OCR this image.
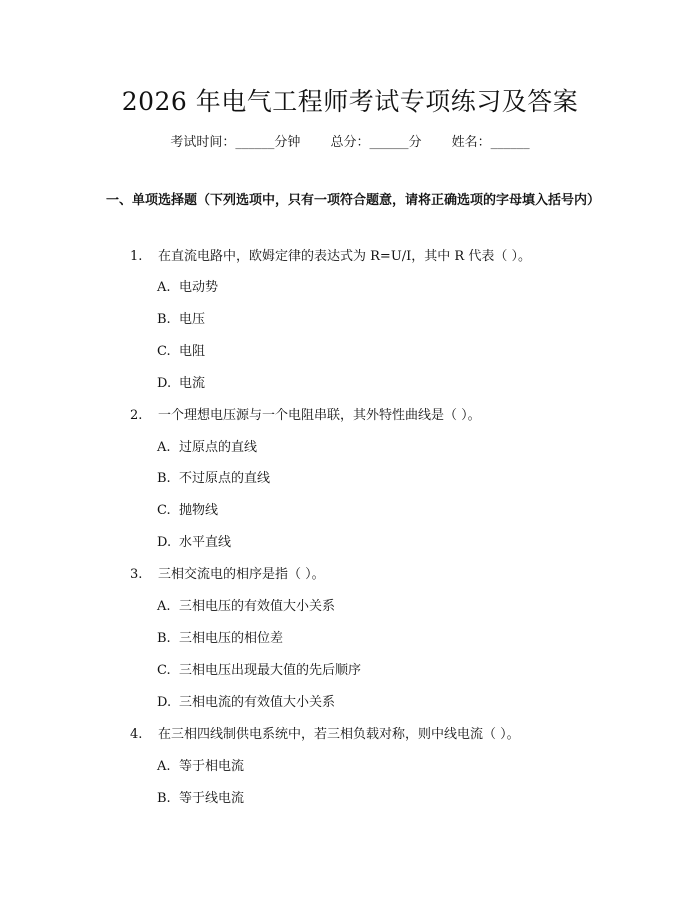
2026 年电气工程师考试专项练习及答案
考试时间：______分钟 总分：______分 姓名：______
一、单项选择题（下列选项中，只有一项符合题意，请将正确选项的字母填入括号内）
1. 在直流电路中，欧姆定律的表达式为 R=U/I，其中 R 代表（ ）。
A. 电动势
B. 电压
C. 电阻
D. 电流
2. 一个理想电压源与一个电阻串联，其外特性曲线是（ ）。
A. 过原点的直线
B. 不过原点的直线
C. 抛物线
D. 水平直线
3. 三相交流电的相序是指（ ）。
A. 三相电压的有效值大小关系
B. 三相电压的相位差
C. 三相电压出现最大值的先后顺序
D. 三相电流的有效值大小关系
4. 在三相四线制供电系统中，若三相负载对称，则中线电流（ ）。
A. 等于相电流
B. 等于线电流
